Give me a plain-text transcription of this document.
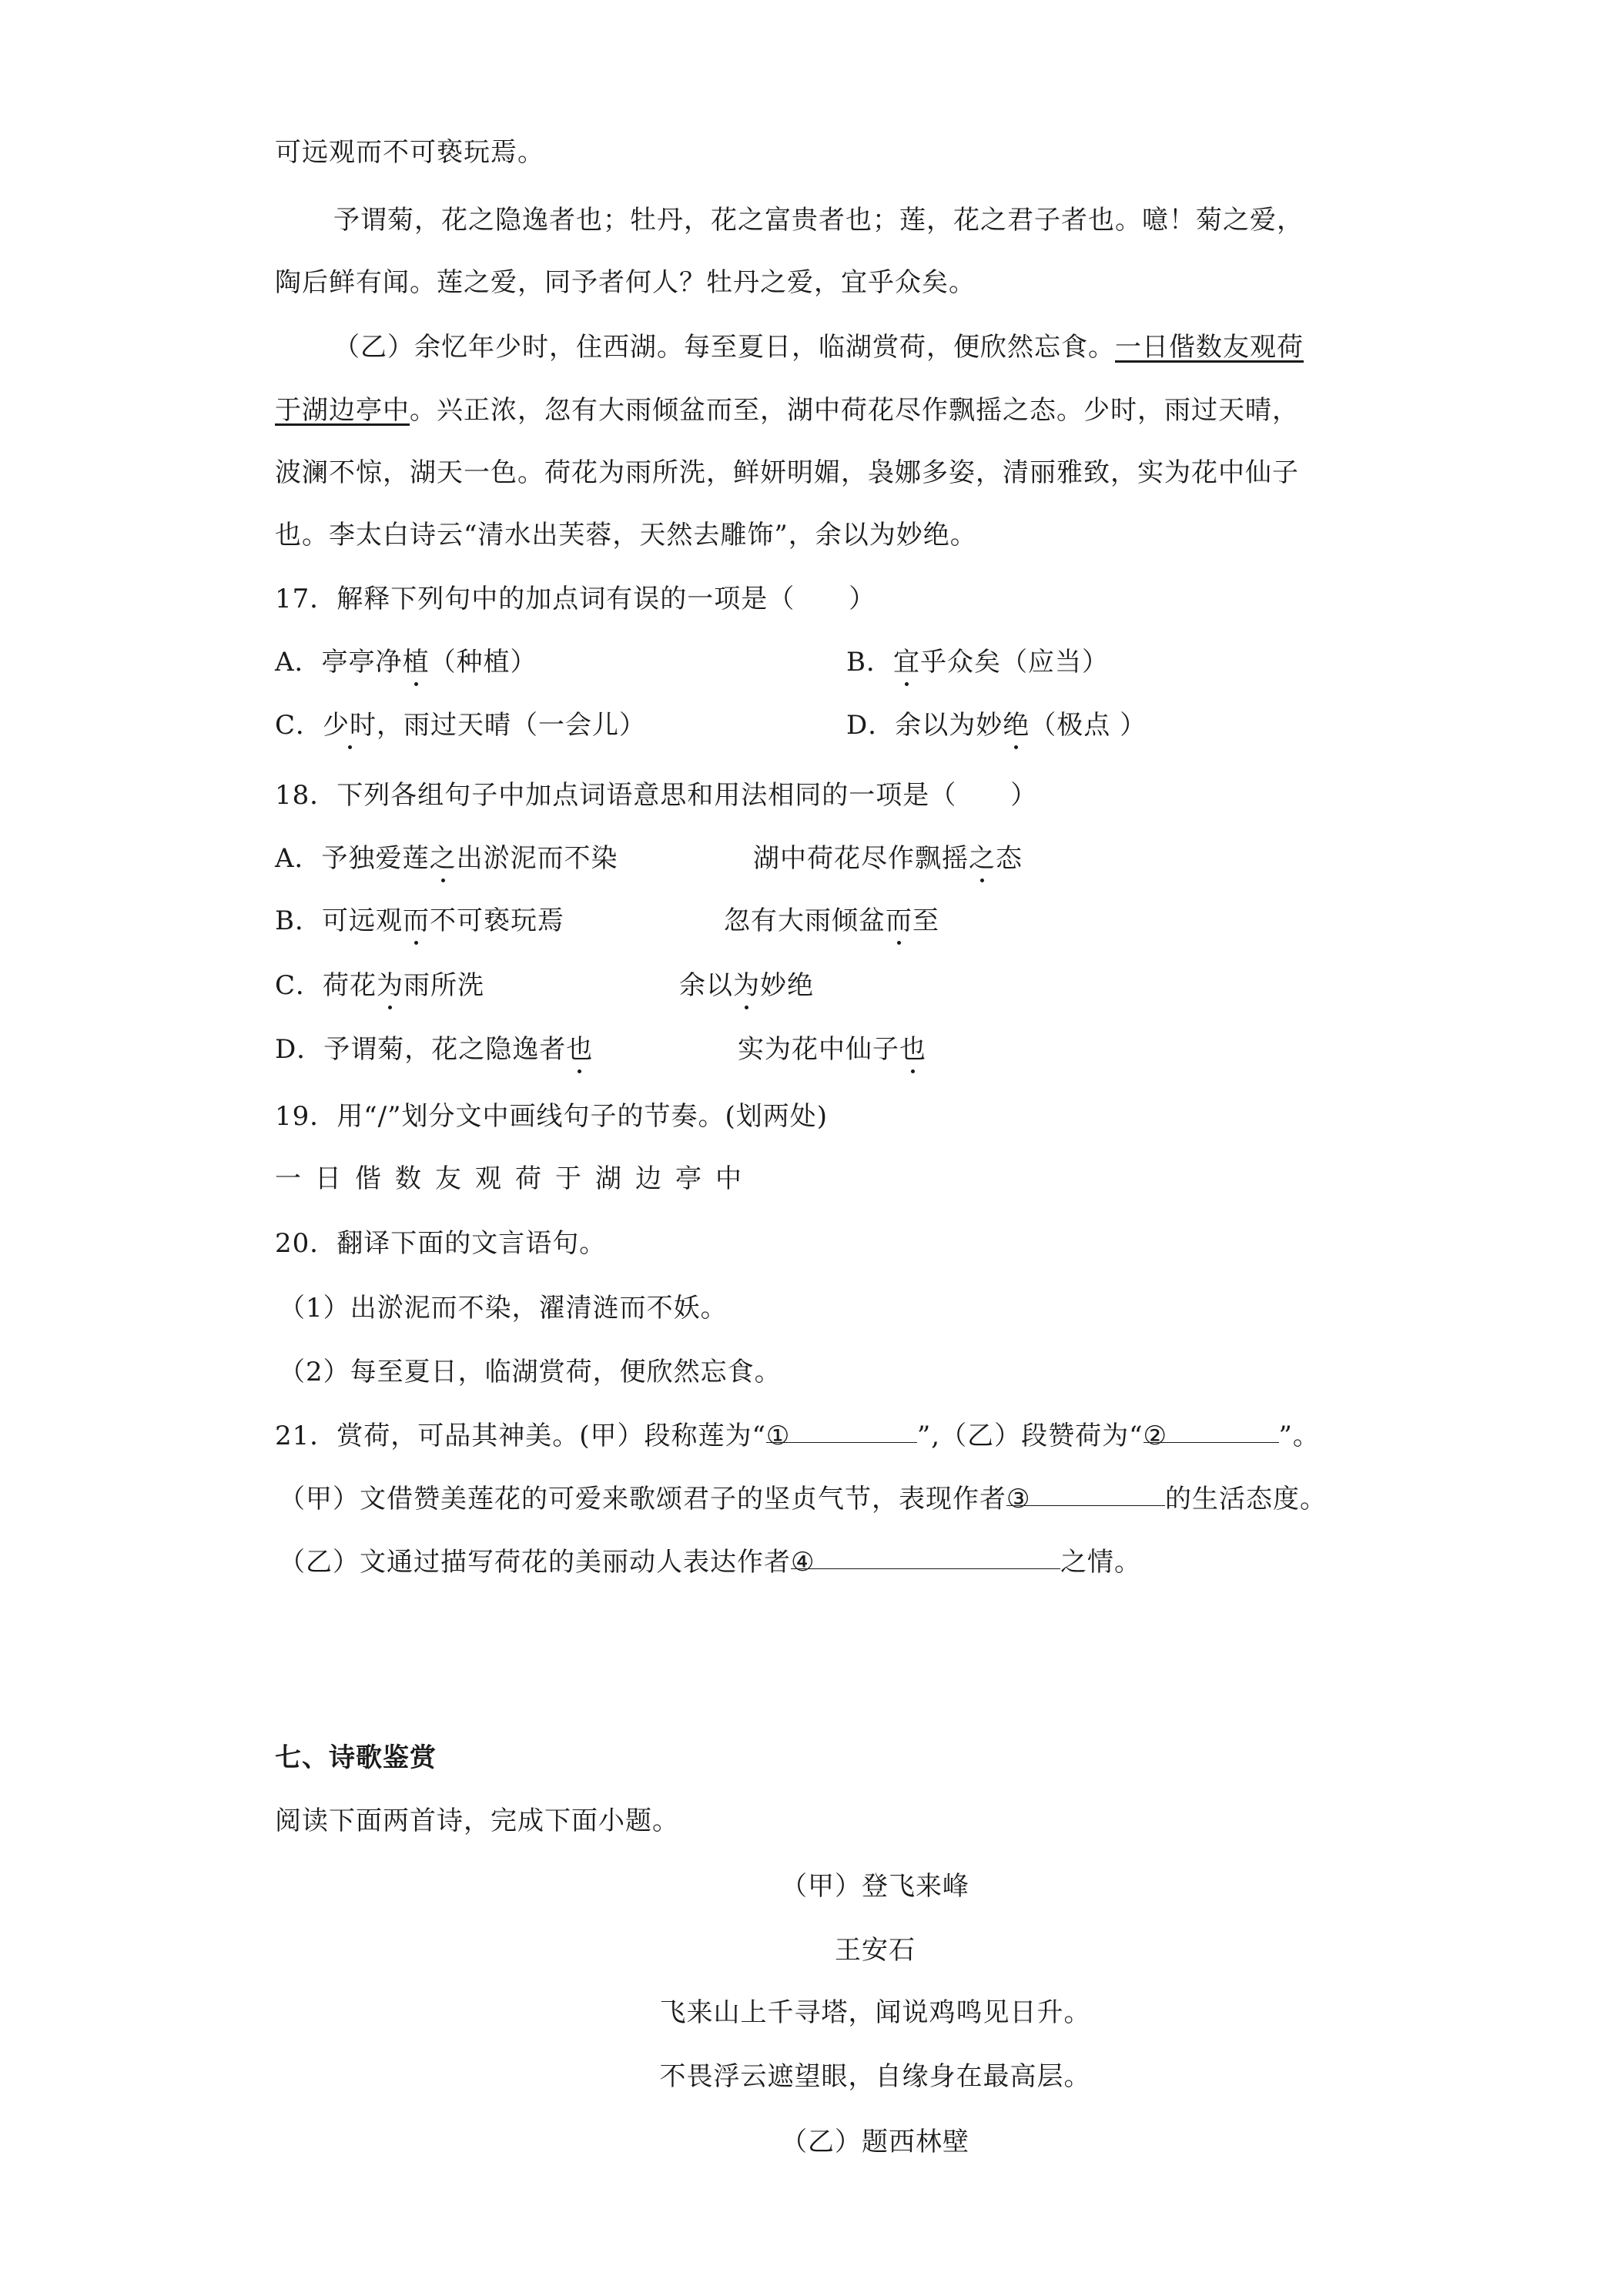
可远观而不可亵玩焉。
予谓菊，花之隐逸者也；牡丹，花之富贵者也；莲，花之君子者也。噫！菊之爱，
陶后鲜有闻。莲之爱，同予者何人？牡丹之爱，宜乎众矣。
（乙）余忆年少时，住西湖。每至夏日，临湖赏荷，便欣然忘食。一日偕数友观荷
于湖边亭中。兴正浓，忽有大雨倾盆而至，湖中荷花尽作飘摇之态。少时，雨过天晴，
波澜不惊，湖天一色。荷花为雨所洗，鲜妍明媚，袅娜多姿，清丽雅致，实为花中仙子
也。李太白诗云“清水出芙蓉，天然去雕饰”，余以为妙绝。
17．解释下列句中的加点词有误的一项是（　　）
A．亭亭净植（种植）	B．宜乎众矣（应当）
C．少时，雨过天晴（一会儿）	D．余以为妙绝（极点 ）
18．下列各组句子中加点词语意思和用法相同的一项是（　　）
A．予独爱莲之出淤泥而不染	湖中荷花尽作飘摇之态
B．可远观而不可亵玩焉	忽有大雨倾盆而至
C．荷花为雨所洗	余以为妙绝
D．予谓菊，花之隐逸者也	实为花中仙子也
19．用“/”划分文中画线句子的节奏。(划两处)
一日偕数友观荷于湖边亭中
20．翻译下面的文言语句。
（1）出淤泥而不染，濯清涟而不妖。
（2）每至夏日，临湖赏荷，便欣然忘食。
21．赏荷，可品其神美。(甲）段称莲为“①	”,（乙）段赞荷为“②	”。
（甲）文借赞美莲花的可爱来歌颂君子的坚贞气节，表现作者③	的生活态度。
（乙）文通过描写荷花的美丽动人表达作者④	之情。
七、诗歌鉴赏
阅读下面两首诗，完成下面小题。
（甲）登飞来峰
王安石
飞来山上千寻塔，闻说鸡鸣见日升。
不畏浮云遮望眼，自缘身在最高层。
（乙）题西林壁
